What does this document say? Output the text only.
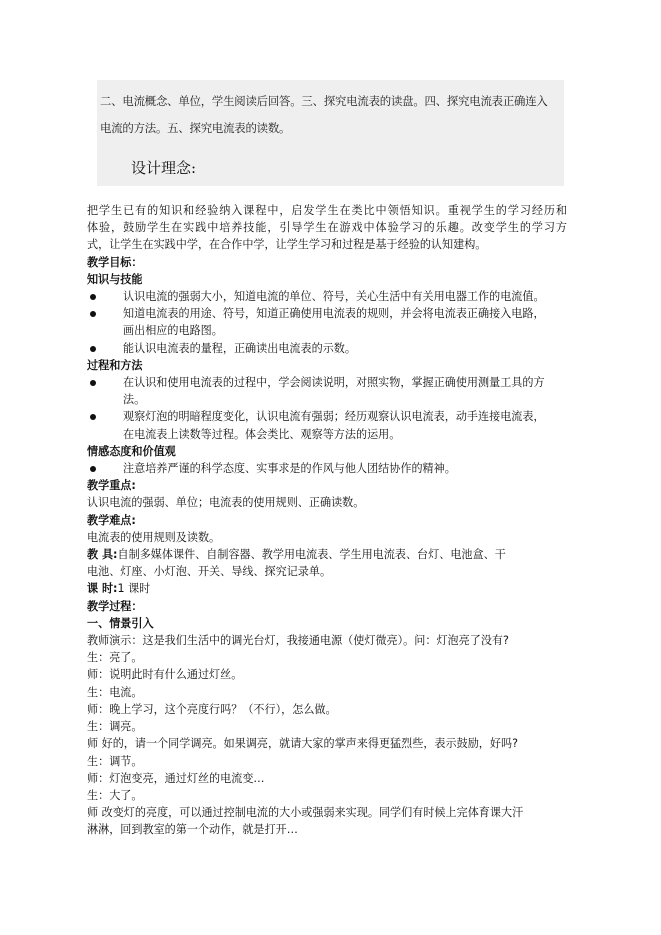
二、电流概念、单位，学生阅读后回答。三、探究电流表的读盘。四、探究电流表正确连入
电流的方法。五、探究电流表的读数。
设计理念:
把学生已有的知识和经验纳入课程中，启发学生在类比中领悟知识。重视学生的学习经历和
体验，鼓励学生在实践中培养技能，引导学生在游戏中体验学习的乐趣。改变学生的学习方
式，让学生在实践中学，在合作中学，让学生学习和过程是基于经验的认知建构。
教学目标：
知识与技能
认识电流的强弱大小，知道电流的单位、符号，关心生活中有关用电器工作的电流值。
知道电流表的用途、符号，知道正确使用电流表的规则，并会将电流表正确接入电路，
画出相应的电路图。
能认识电流表的量程，正确读出电流表的示数。
过程和方法
在认识和使用电流表的过程中，学会阅读说明，对照实物，掌握正确使用测量工具的方
法。
观察灯泡的明暗程度变化，认识电流有强弱；经历观察认识电流表，动手连接电流表，
在电流表上读数等过程。体会类比、观察等方法的运用。
情感态度和价值观
注意培养严谨的科学态度、实事求是的作风与他人团结协作的精神。
教学重点:
认识电流的强弱、单位；电流表的使用规则、正确读数。
教学难点:
电流表的使用规则及读数。
教 具:自制多媒体课件、自制容器、教学用电流表、学生用电流表、台灯、电池盒、干
电池、灯座、小灯泡、开关、导线、探究记录单。
课 时:1 课时
教学过程：
一、情景引入
教师演示：这是我们生活中的调光台灯，我接通电源（使灯微亮）。问：灯泡亮了没有?
生：亮了。
师：说明此时有什么通过灯丝。
生：电流。
师：晚上学习，这个亮度行吗？（不行），怎么做。
生：调亮。
师 好的，请一个同学调亮。如果调亮，就请大家的掌声来得更猛烈些，表示鼓励，好吗?
生：调节。
师：灯泡变亮，通过灯丝的电流变…
生：大了。
师 改变灯的亮度，可以通过控制电流的大小或强弱来实现。同学们有时候上完体育课大汗
淋淋，回到教室的第一个动作，就是打开…
